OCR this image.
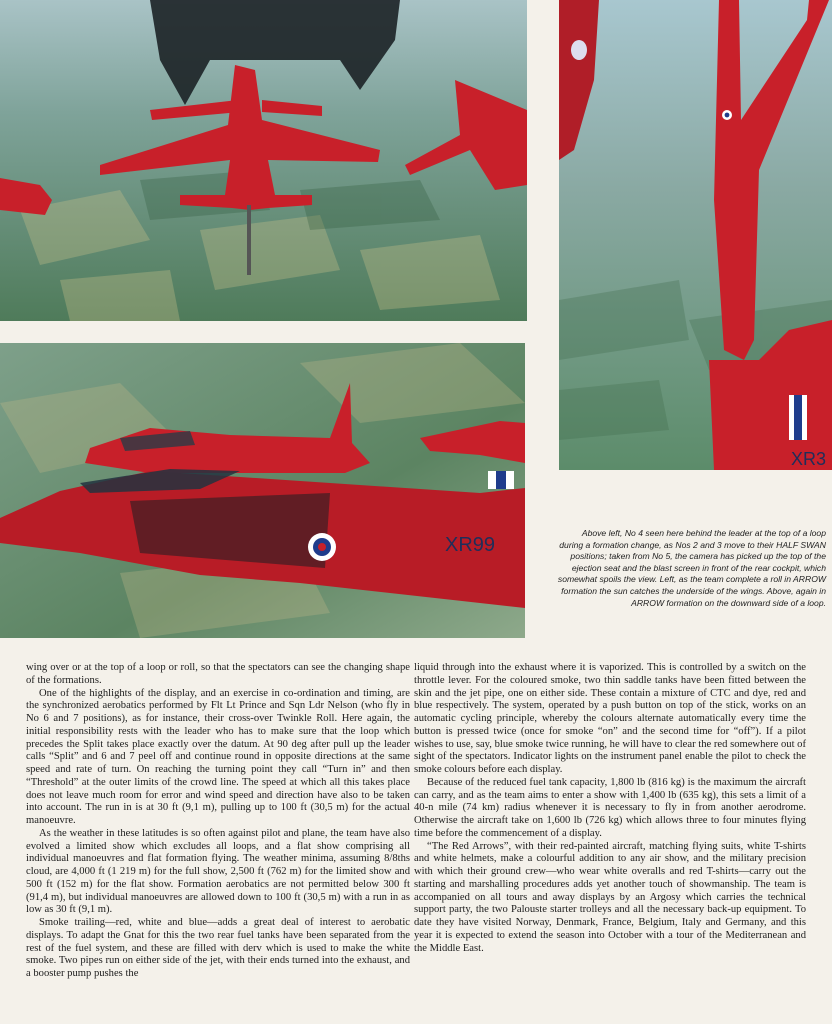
XR3
XR99
Above left, No 4 seen here behind the leader at the top of a loop during a formation change, as Nos 2 and 3 move to their HALF SWAN positions; taken from No 5, the camera has picked up the top of the ejection seat and the blast screen in front of the rear cockpit, which somewhat spoils the view. Left, as the team complete a roll in ARROW formation the sun catches the underside of the wings. Above, again in ARROW formation on the downward side of a loop.

wing over or at the top of a loop or roll, so that the spectators can see the changing shape of the formations.

One of the highlights of the display, and an exercise in co-ordination and timing, are the synchronized aerobatics performed by Flt Lt Prince and Sqn Ldr Nelson (who fly in No 6 and 7 positions), as for instance, their cross-over Twinkle Roll. Here again, the initial responsibility rests with the leader who has to make sure that the loop which precedes the Split takes place exactly over the datum. At 90 deg after pull up the leader calls “Split” and 6 and 7 peel off and continue round in opposite directions at the same speed and rate of turn. On reaching the turning point they call “Turn in” and then “Threshold” at the outer limits of the crowd line. The speed at which all this takes place does not leave much room for error and wind speed and direction have also to be taken into account. The run in is at 30 ft (9,1 m), pulling up to 100 ft (30,5 m) for the actual manoeuvre.

As the weather in these latitudes is so often against pilot and plane, the team have also evolved a limited show which excludes all loops, and a flat show comprising all individual manoeuvres and flat formation flying. The weather minima, assuming 8/8ths cloud, are 4,000 ft (1 219 m) for the full show, 2,500 ft (762 m) for the limited show and 500 ft (152 m) for the flat show. Formation aerobatics are not permitted below 300 ft (91,4 m), but individual manoeuvres are allowed down to 100 ft (30,5 m) with a run in as low as 30 ft (9,1 m).

Smoke trailing—red, white and blue—adds a great deal of interest to aerobatic displays. To adapt the Gnat for this the two rear fuel tanks have been separated from the rest of the fuel system, and these are filled with derv which is used to make the white smoke. Two pipes run on either side of the jet, with their ends turned into the exhaust, and a booster pump pushes the

liquid through into the exhaust where it is vaporized. This is controlled by a switch on the throttle lever. For the coloured smoke, two thin saddle tanks have been fitted between the skin and the jet pipe, one on either side. These contain a mixture of CTC and dye, red and blue respectively. The system, operated by a push button on top of the stick, works on an automatic cycling principle, whereby the colours alternate automatically every time the button is pressed twice (once for smoke “on” and the second time for “off”). If a pilot wishes to use, say, blue smoke twice running, he will have to clear the red somewhere out of sight of the spectators. Indicator lights on the instrument panel enable the pilot to check the smoke colours before each display.

Because of the reduced fuel tank capacity, 1,800 lb (816 kg) is the maximum the aircraft can carry, and as the team aims to enter a show with 1,400 lb (635 kg), this sets a limit of a 40-n mile (74 km) radius whenever it is necessary to fly in from another aerodrome. Otherwise the aircraft take on 1,600 lb (726 kg) which allows three to four minutes flying time before the commencement of a display.

“The Red Arrows”, with their red-painted aircraft, matching flying suits, white T-shirts and white helmets, make a colourful addition to any air show, and the military precision with which their ground crew—who wear white overalls and red T-shirts—carry out the starting and marshalling procedures adds yet another touch of showmanship. The team is accompanied on all tours and away displays by an Argosy which carries the technical support party, the two Palouste starter trolleys and all the necessary back-up equipment. To date they have visited Norway, Denmark, France, Belgium, Italy and Germany, and this year it is expected to extend the season into October with a tour of the Mediterranean and the Middle East.
